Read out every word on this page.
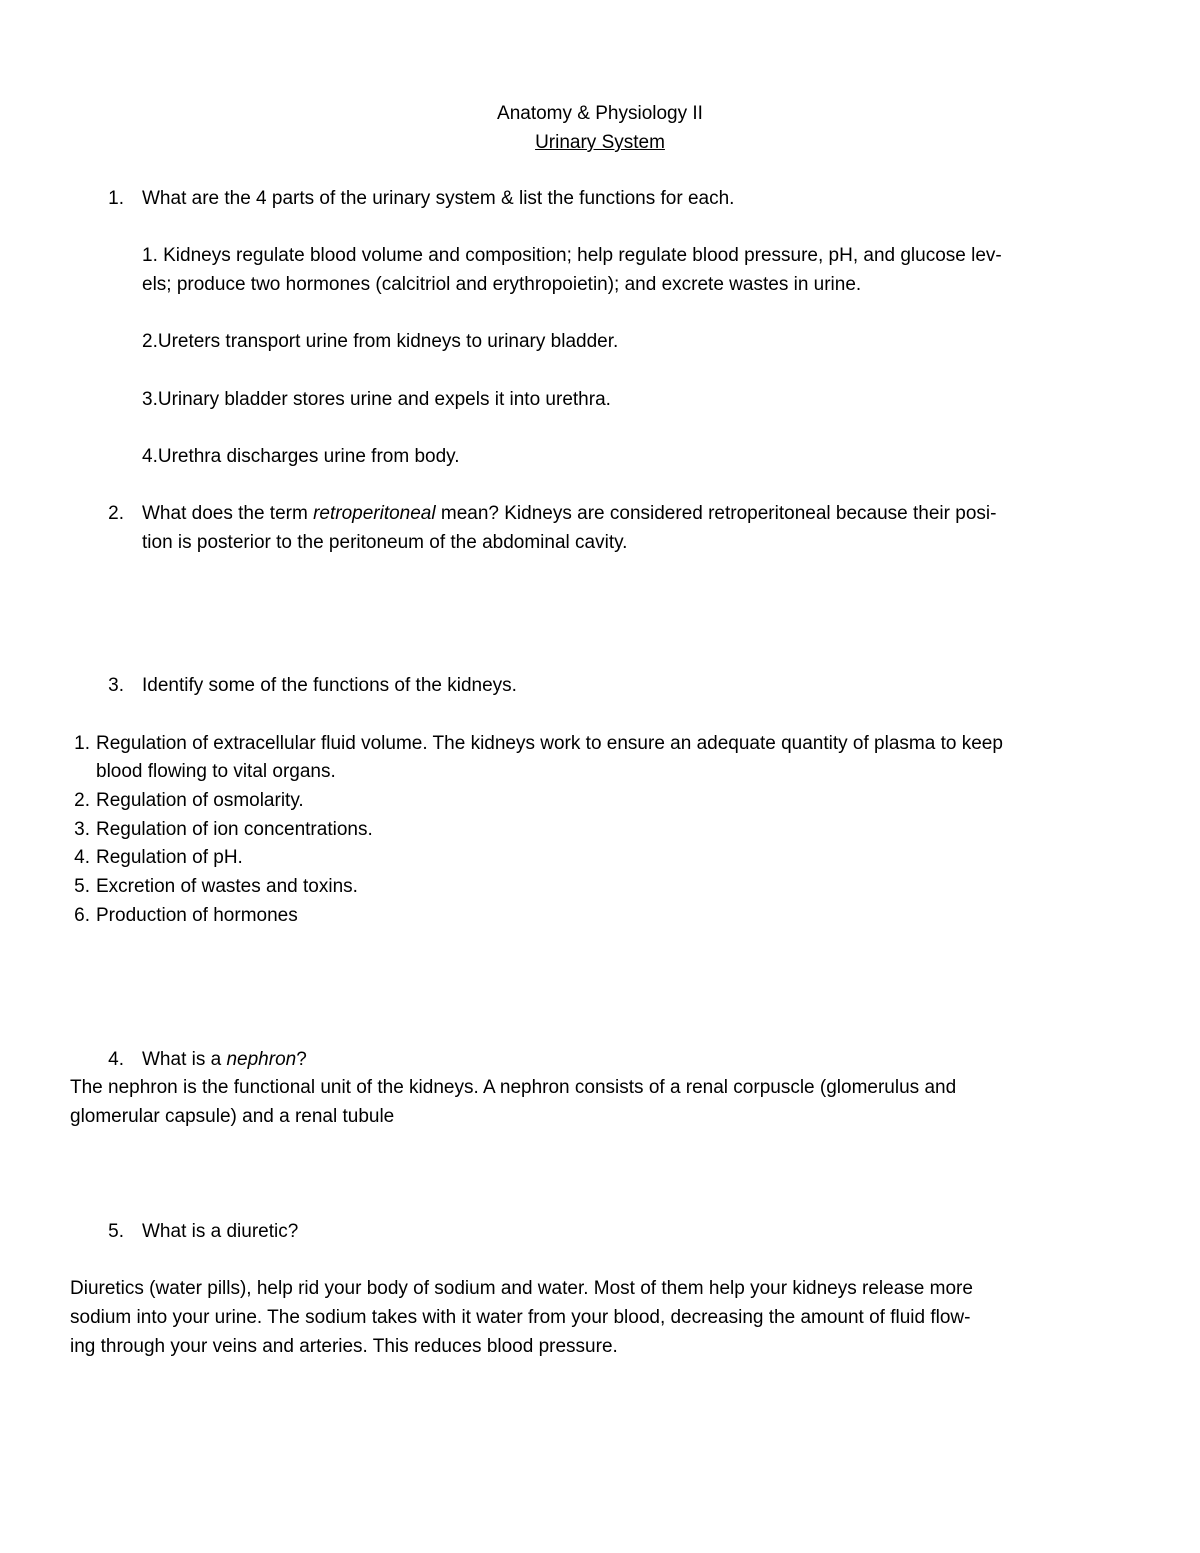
Anatomy & Physiology II
Urinary System
1. What are the 4 parts of the urinary system & list the functions for each.
1. Kidneys regulate blood volume and composition; help regulate blood pressure, pH, and glucose lev-
els; produce two hormones (calcitriol and erythropoietin); and excrete wastes in urine.
2.Ureters transport urine from kidneys to urinary bladder.
3.Urinary bladder stores urine and expels it into urethra.
4.Urethra discharges urine from body.
2. What does the term retroperitoneal mean? Kidneys are considered retroperitoneal because their posi-
tion is posterior to the peritoneum of the abdominal cavity.
3. Identify some of the functions of the kidneys.
1. Regulation of extracellular fluid volume. The kidneys work to ensure an adequate quantity of plasma to keep
blood flowing to vital organs.
2. Regulation of osmolarity.
3. Regulation of ion concentrations.
4. Regulation of pH.
5. Excretion of wastes and toxins.
6. Production of hormones
4. What is a nephron?
The nephron is the functional unit of the kidneys. A nephron consists of a renal corpuscle (glomerulus and
glomerular capsule) and a renal tubule
5. What is a diuretic?
Diuretics (water pills), help rid your body of sodium and water. Most of them help your kidneys release more
sodium into your urine. The sodium takes with it water from your blood, decreasing the amount of fluid flow-
ing through your veins and arteries. This reduces blood pressure.
